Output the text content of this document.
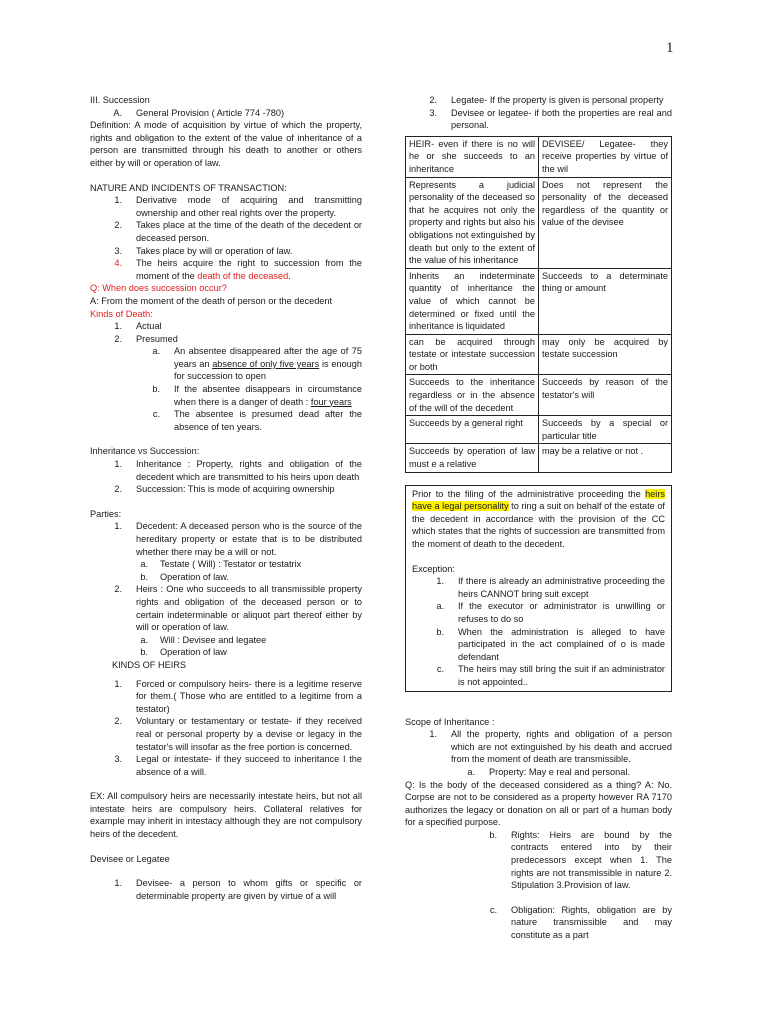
1

III. Succession

A.	General Provision ( Article 774 -780)

Definition: A mode of acquisition by virtue of which the property, rights and obligation to the extent of the value of inheritance of a person are transmitted through his death to another or others either by will or operation of law.

NATURE AND INCIDENTS OF TRANSACTION:

1.	Derivative mode of acquiring and transmitting ownership and other real rights over the property.
2.	Takes place at the time of the death of the decedent or deceased person.
3.	Takes place by will or operation of law.
4.	The heirs acquire the right to succession from the moment of the death of the deceased.

Q: When does succession occur?

A: From the moment of the death of person or the decedent

Kinds of Death:

1.	Actual
2.	Presumed
a.	An absentee disappeared after the age of 75 years an absence of only five years is enough for succession to open
b.	If the absentee disappears in circumstance when there is a danger of death : four years
c.	The absentee is presumed dead after the absence of ten years.

Inheritance vs Succession:

1.	Inheritance : Property, rights and obligation of the decedent which are transmitted to his heirs upon death
2.	Succession: This is mode of acquiring ownership

Parties:

1.	Decedent: A deceased person who is the source of the hereditary property or estate that is to be distributed whether there may be a will or not.
a.	Testate ( Will) : Testator or testatrix
b.	Operation of law.
2.	Heirs : One who succeeds to all transmissible property rights and obligation of the deceased person or to certain indeterminable or aliquot part thereof either by will or operation of law.
a.	Will : Devisee and legatee
b.	Operation of law

KINDS OF HEIRS

1.	Forced or compulsory heirs- there is a legitime reserve for them.( Those who are entitled to a legitime from a testator)
2.	Voluntary or testamentary or testate- if they received real or personal property by a devise or legacy in the testator's will insofar as the free portion is concerned.
3.	Legal or intestate- if they succeed to inheritance I the absence of a will.

EX: All compulsory heirs are necessarily intestate heirs, but not all intestate heirs are compulsory heirs. Collateral relatives for example may inherit in intestacy although they are not compulsory heirs of the decedent.

Devisee or Legatee

1.	Devisee- a person to whom gifts or specific or determinable property are given by virtue of a will
2.	Legatee- If the property is given is personal property
3.	Devisee or legatee- if both the properties are real and personal.
HEIR- even if there is no will he or she succeeds to an inheritance	DEVISEE/ Legatee- they receive properties by virtue of the wil
Represents a judicial personality of the deceased so that he acquires not only the property and rights but also his obligations not extinguished by death but only to the extent of the value of his inheritance	Does not represent the personality of the deceased regardless of the quantity or value of the devisee
Inherits an indeterminate quantity of inheritance the value of which cannot be determined or fixed until the inheritance is liquidated	Succeeds to a determinate thing or amount
can be acquired through testate or intestate succession or both	may only be acquired by testate succession
Succeeds to the inheritance regardless or in the absence of the will of the decedent	Succeeds by reason of the testator's will
Succeeds by a general right	Succeeds by a special or particular title
Succeeds by operation of law must e a relative	may be a relative or not .

Prior to the filing of the administrative proceeding the heirs have a legal personality to ring a suit on behalf of the estate of the decedent in accordance with the provision of the CC which states that the rights of succession are transmitted from the moment of death to the decedent.

Exception:

1.	If there is already an administrative proceeding the heirs CANNOT bring suit except
a.	If the executor or administrator is unwilling or refuses to do so
b.	When the administration is alleged to have participated in the act complained of o is made defendant
c.	The heirs may still bring the suit if an administrator is not appointed..

Scope of Inheritance :

1.	All the property, rights and obligation of a person which are not extinguished by his death and accrued from the moment of death are transmissible.
a.	Property: May e real and personal.

Q: Is the body of the deceased considered as a thing? A: No. Corpse are not to be considered as a property however RA 7170 authorizes the legacy or donation on all or part of a human body for a specified purpose.

b.	Rights: Heirs are bound by the contracts entered into by their predecessors except when 1. The rights are not transmissible in nature 2. Stipulation 3.Provision of law.
c.	Obligation: Rights, obligation are by nature transmissible and may constitute as a part
